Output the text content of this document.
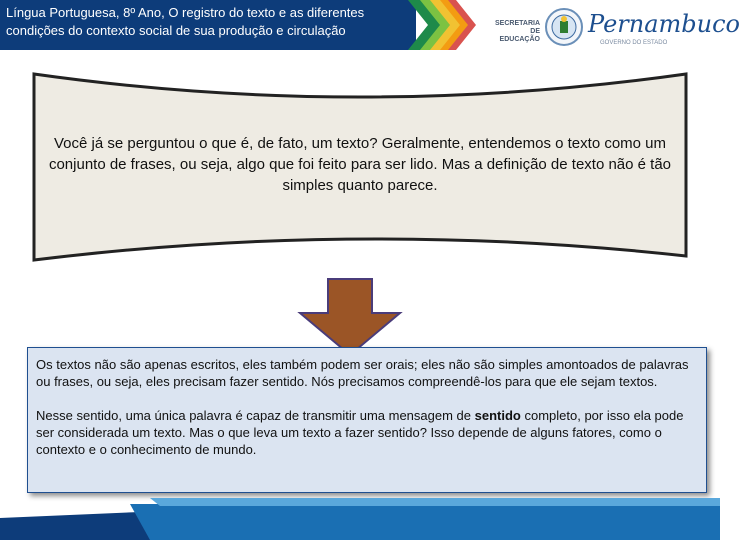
Língua Portuguesa, 8º Ano, O registro do texto e as diferentes
condições do contexto social de sua produção e circulação	SECRETARIA
DE EDUCAÇÃO
Pernambuco
GOVERNO DO ESTADO
Você já se perguntou o que é, de fato, um texto? Geralmente, entendemos o texto como um conjunto de frases, ou seja, algo que foi feito para ser lido. Mas a definição de texto não é tão simples quanto parece.

Os textos não são apenas escritos, eles também podem ser orais; eles não são simples amontoados de palavras ou frases, ou seja, eles precisam fazer sentido. Nós precisamos compreendê-los para que ele sejam textos.

Nesse sentido, uma única palavra é capaz de transmitir uma mensagem de sentido completo, por isso ela pode ser considerada um texto. Mas o que leva um texto a fazer sentido? Isso depende de alguns fatores, como o contexto e o conhecimento de mundo.
